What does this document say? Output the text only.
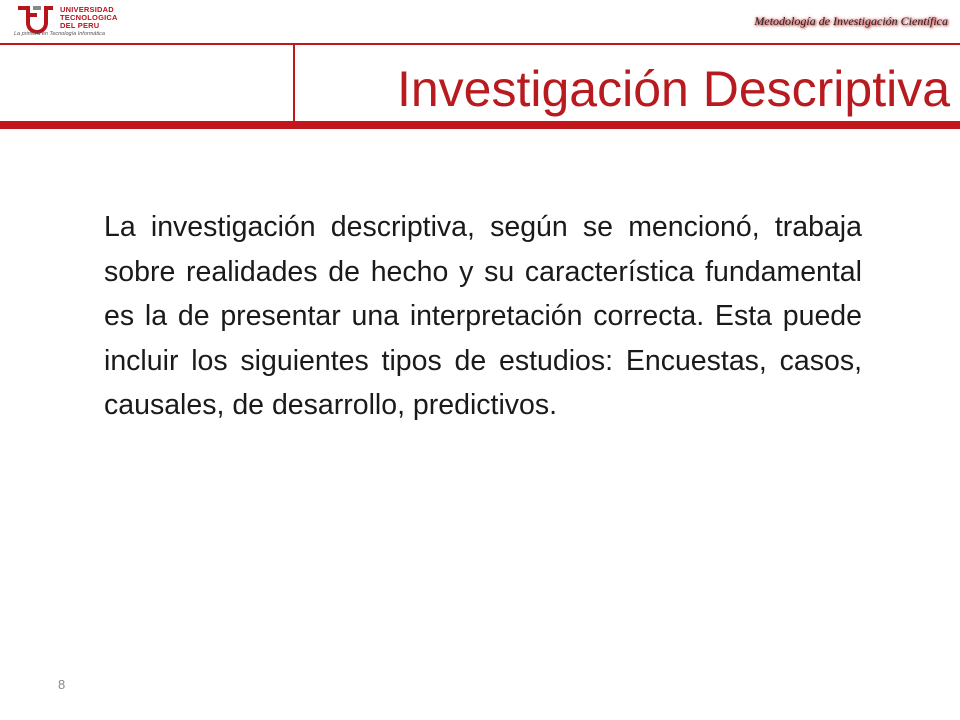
UNIVERSIDAD
TECNOLOGICA
DEL PERU
La primera en Tecnología Informática
Metodología de Investigación Científica
Investigación Descriptiva

La investigación descriptiva, según se mencionó, trabaja sobre realidades de hecho y su característica fundamental es la de presentar una interpretación correcta. Esta puede incluir los siguientes tipos de estudios: Encuestas, casos, causales, de desarrollo, predictivos.

8
